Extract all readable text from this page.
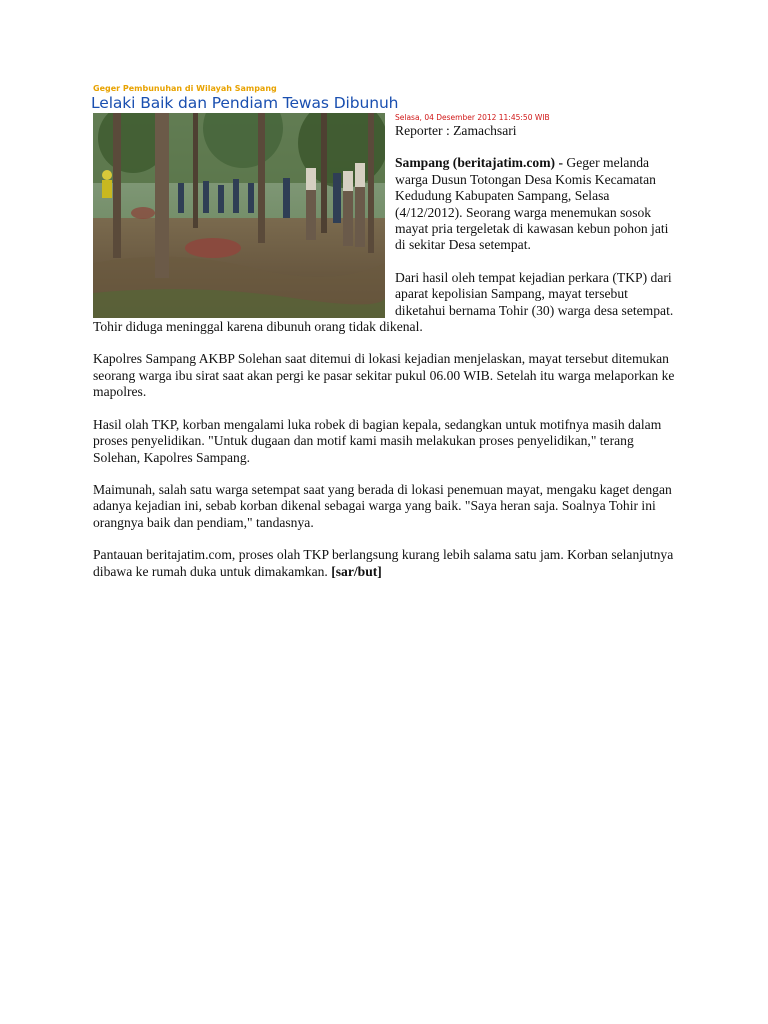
Geger Pembunuhan di Wilayah Sampang
Lelaki Baik dan Pendiam Tewas Dibunuh
Selasa, 04 Desember 2012 11:45:50 WIB
Reporter : Zamachsari

Sampang (beritajatim.com) - Geger melanda warga Dusun Totongan Desa Komis Kecamatan Kedudung Kabupaten Sampang, Selasa (4/12/2012). Seorang warga menemukan sosok mayat pria tergeletak di kawasan kebun pohon jati di sekitar Desa setempat.

Dari hasil oleh tempat kejadian perkara (TKP) dari aparat kepolisian Sampang, mayat tersebut diketahui bernama Tohir (30) warga desa setempat. Tohir diduga meninggal karena dibunuh orang tidak dikenal.

Kapolres Sampang AKBP Solehan saat ditemui di lokasi kejadian menjelaskan, mayat tersebut ditemukan seorang warga ibu sirat saat akan pergi ke pasar sekitar pukul 06.00 WIB. Setelah itu warga melaporkan ke mapolres.

Hasil olah TKP, korban mengalami luka robek di bagian kepala, sedangkan untuk motifnya masih dalam proses penyelidikan. "Untuk dugaan dan motif kami masih melakukan proses penyelidikan," terang Solehan, Kapolres Sampang.

Maimunah, salah satu warga setempat saat yang berada di lokasi penemuan mayat, mengaku kaget dengan adanya kejadian ini, sebab korban dikenal sebagai warga yang baik. "Saya heran saja. Soalnya Tohir ini orangnya baik dan pendiam," tandasnya.

Pantauan beritajatim.com, proses olah TKP berlangsung kurang lebih salama satu jam. Korban selanjutnya dibawa ke rumah duka untuk dimakamkan. [sar/but]
